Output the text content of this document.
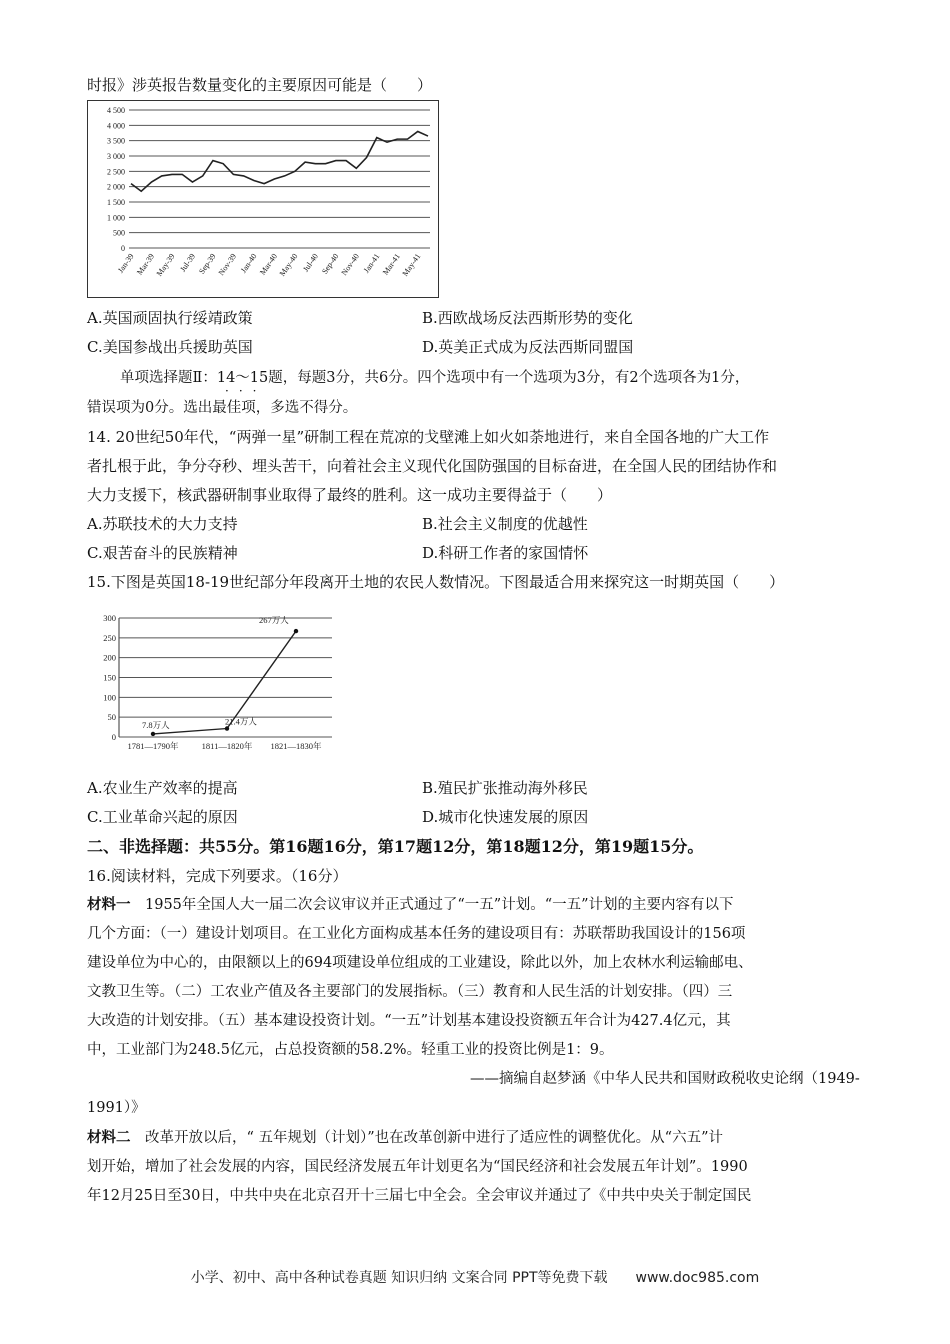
时报》涉英报告数量变化的主要原因可能是（　　）
4 500
4 000
3 500
3 000
2 500
2 000
1 500
1 000
500
0
Jan-39 Mar-39
May-39 Jul-39 Sep-39 Nov-39 Jan-40 Mar-40
May-40 Jul-40 Sep-40 Nov-40 Jan-41 Mar-41
May-41
A.英国顽固执行绥靖政策	B.西欧战场反法西斯形势的变化
C.美国参战出兵援助英国	D.英美正式成为反法西斯同盟国
单项选择题Ⅱ：14～15题，每题3分，共6分。四个选项中有一个选项为3分，有2个选项各为1分，
···
错误项为0分。选出最佳项，多选不得分。
14. 20世纪50年代，“两弹一星”研制工程在荒凉的戈壁滩上如火如荼地进行，来自全国各地的广大工作
者扎根于此，争分夺秒、埋头苦干，向着社会主义现代化国防强国的目标奋进，在全国人民的团结协作和
大力支援下，核武器研制事业取得了最终的胜利。这一成功主要得益于（　　）
A.苏联技术的大力支持	B.社会主义制度的优越性
C.艰苦奋斗的民族精神	D.科研工作者的家国情怀
15.下图是英国18-19世纪部分年段离开土地的农民人数情况。下图最适合用来探究这一时期英国（　　）
300
250
200
150
100
50
0
7.8万人	21.4万人
267万人
1781—1790年	1811—1820年 1821—1830年
A.农业生产效率的提高	B.殖民扩张推动海外移民
C.工业革命兴起的原因	D.城市化快速发展的原因
二、非选择题：共55分。第16题16分，第17题12分，第18题12分，第19题15分。
16.阅读材料，完成下列要求。（16分）
材料一　1955年全国人大一届二次会议审议并正式通过了“一五”计划。“一五”计划的主要内容有以下
几个方面：（一）建设计划项目。在工业化方面构成基本任务的建设项目有：苏联帮助我国设计的156项
建设单位为中心的，由限额以上的694项建设单位组成的工业建设，除此以外，加上农林水利运输邮电、
文教卫生等。（二）工农业产值及各主要部门的发展指标。（三）教育和人民生活的计划安排。（四）三
大改造的计划安排。（五）基本建设投资计划。“一五”计划基本建设投资额五年合计为427.4亿元，其
中，工业部门为248.5亿元，占总投资额的58.2%。轻重工业的投资比例是1：9。
——摘编自赵梦涵《中华人民共和国财政税收史论纲（1949-
1991）》
材料二　改革开放以后，“ 五年规划（计划）”也在改革创新中进行了适应性的调整优化。从“六五”计
划开始，增加了社会发展的内容，国民经济发展五年计划更名为“国民经济和社会发展五年计划”。1990
年12月25日至30日，中共中央在北京召开十三届七中全会。全会审议并通过了《中共中央关于制定国民
小学、初中、高中各种试卷真题 知识归纳 文案合同 PPT等免费下载　　www.doc985.com
